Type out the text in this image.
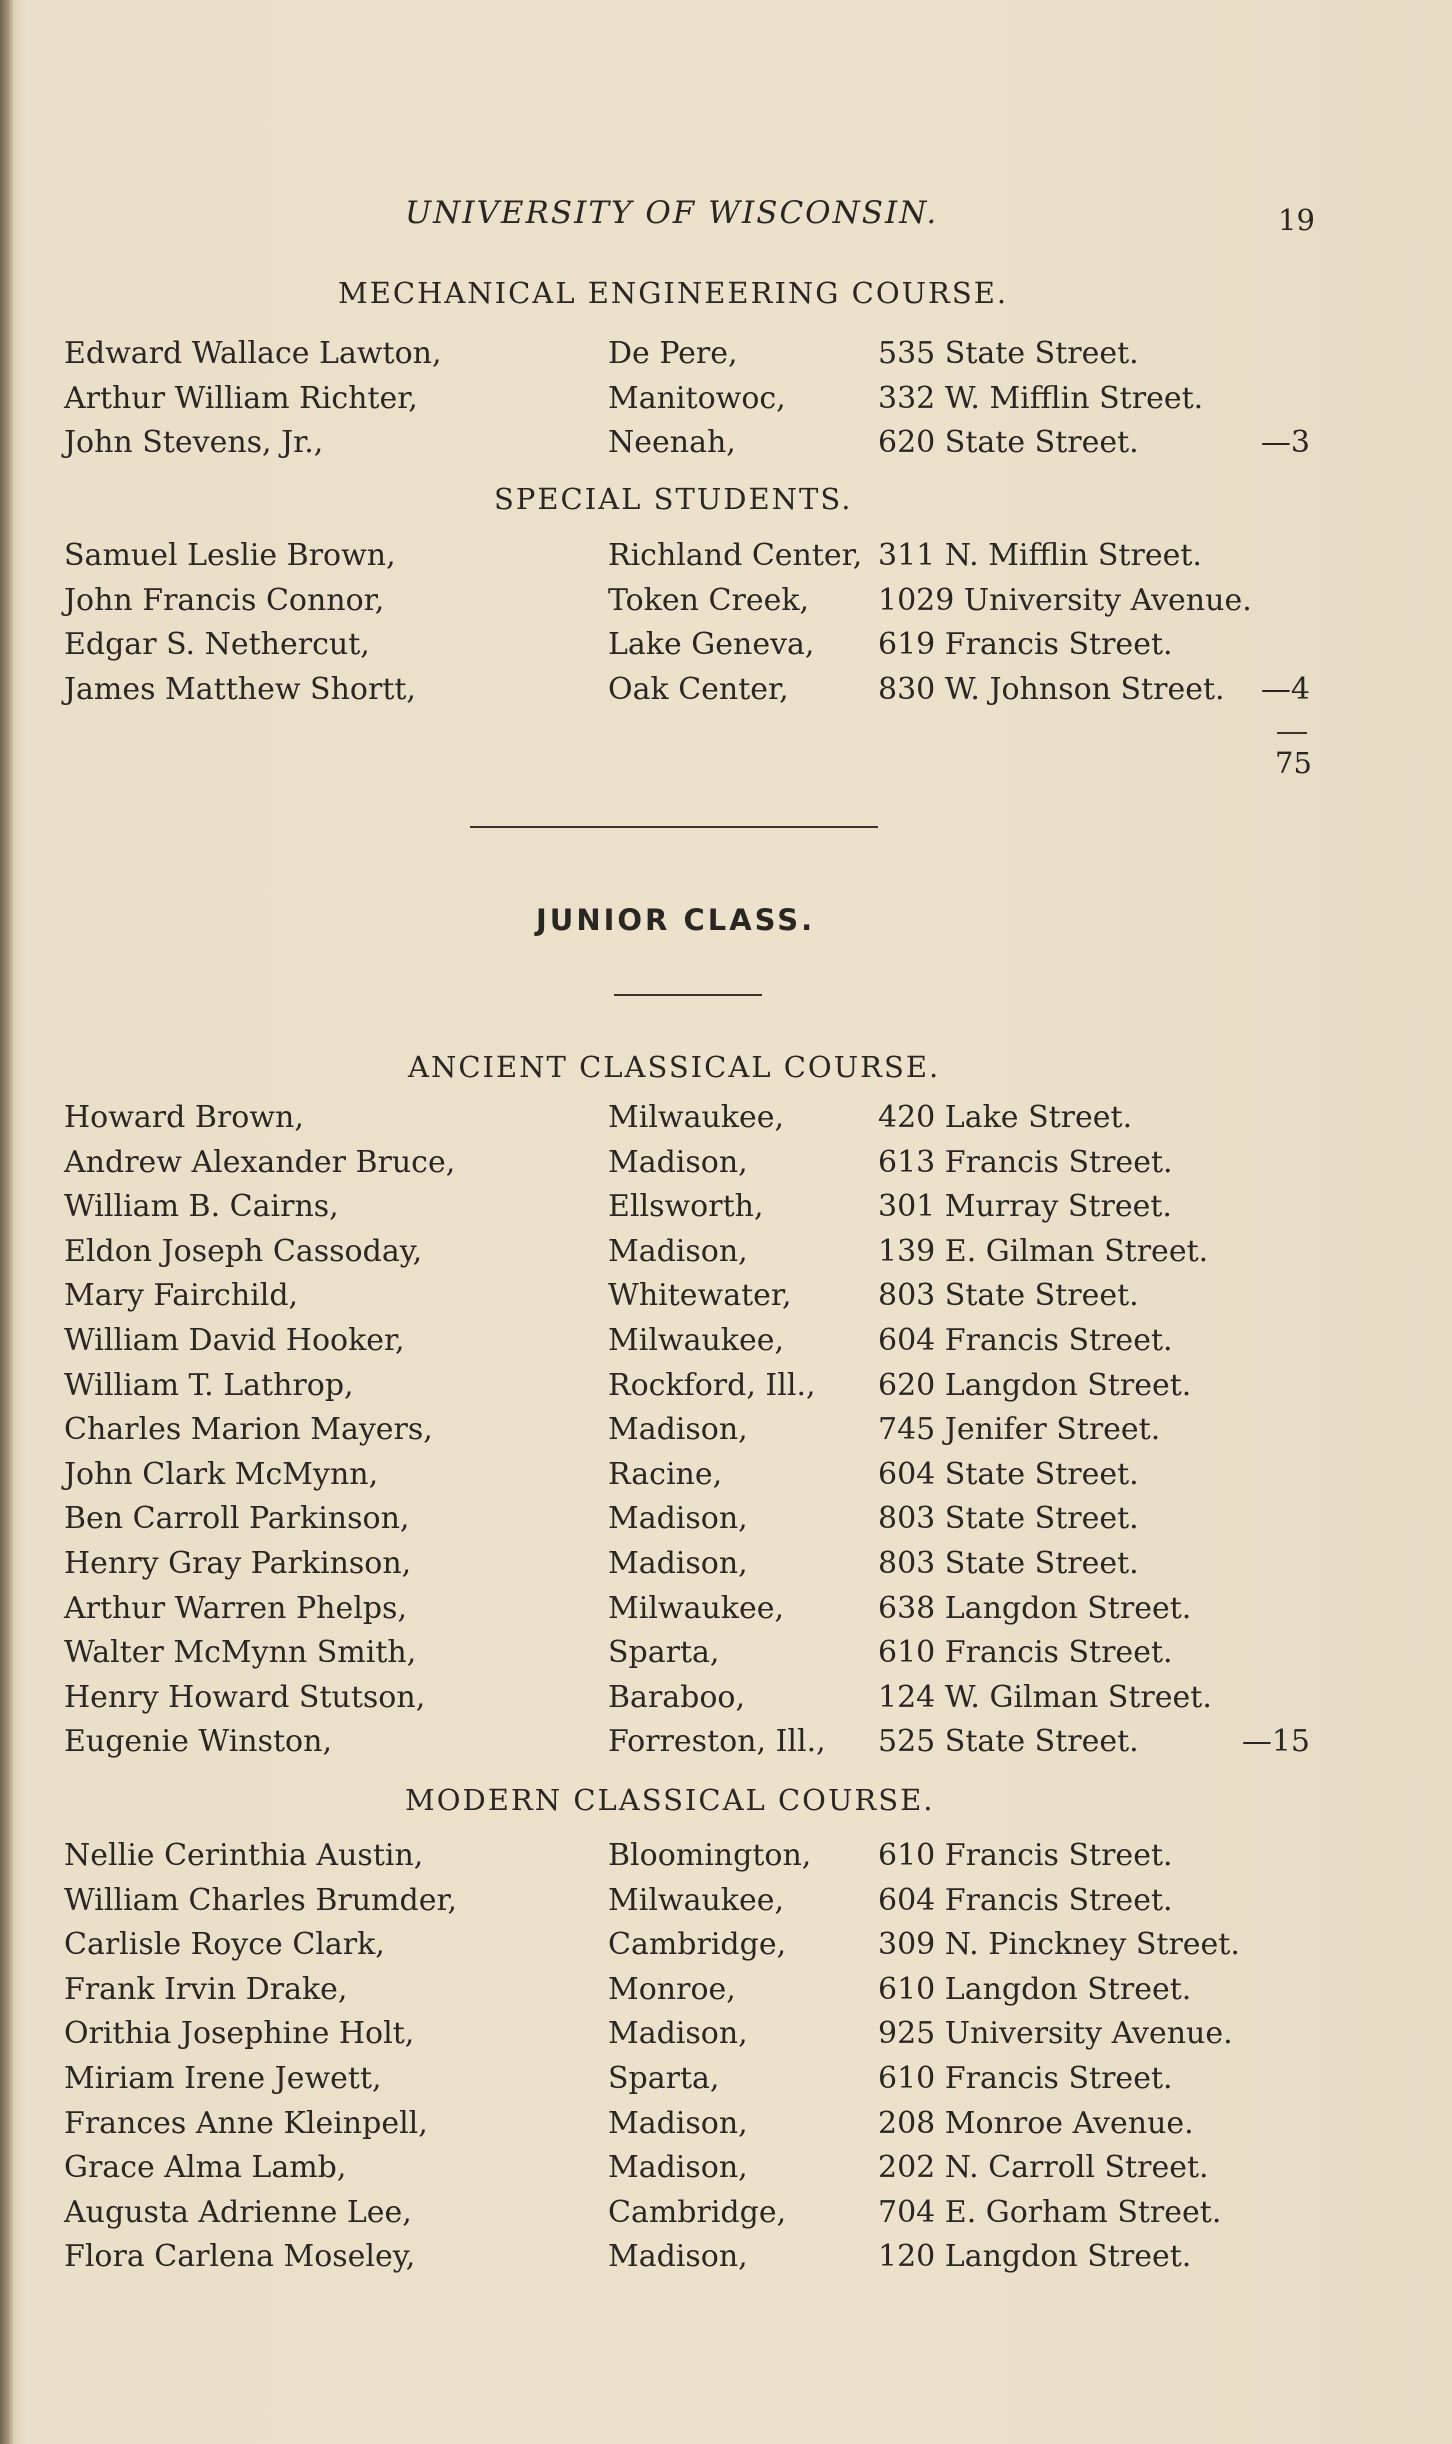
UNIVERSITY OF WISCONSIN.	19
MECHANICAL ENGINEERING COURSE.
Edward Wallace Lawton,	De Pere,	535 State Street.
Arthur William Richter,	Manitowoc,	332 W. Mifflin Street.
John Stevens, Jr.,	Neenah,	620 State Street.	—3
SPECIAL STUDENTS.
Samuel Leslie Brown,	Richland Center, 311 N. Mifflin Street.
John Francis Connor,	Token Creek, 1029 University Avenue.
Edgar S. Nethercut,	Lake Geneva, 619 Francis Street.
James Matthew Shortt,	Oak Center,	830 W. Johnson Street. —4
75
JUNIOR CLASS.
ANCIENT CLASSICAL COURSE.
Howard Brown,	Milwaukee,	420 Lake Street.
Andrew Alexander Bruce,	Madison,	613 Francis Street.
William B. Cairns,	Ellsworth,	301 Murray Street.
Eldon Joseph Cassoday,	Madison,	139 E. Gilman Street.
Mary Fairchild,	Whitewater,	803 State Street.
William David Hooker,	Milwaukee,	604 Francis Street.
William T. Lathrop,	Rockford, Ill., 620 Langdon Street.
Charles Marion Mayers,	Madison,	745 Jenifer Street.
John Clark McMynn,	Racine,	604 State Street.
Ben Carroll Parkinson,	Madison,	803 State Street.
Henry Gray Parkinson,	Madison,	803 State Street.
Arthur Warren Phelps,	Milwaukee,	638 Langdon Street.
Walter McMynn Smith,	Sparta,	610 Francis Street.
Henry Howard Stutson,	Baraboo,	124 W. Gilman Street.
Eugenie Winston,	Forreston, Ill., 525 State Street.	—15
MODERN CLASSICAL COURSE.
Nellie Cerinthia Austin,	Bloomington, 610 Francis Street.
William Charles Brumder,	Milwaukee,	604 Francis Street.
Carlisle Royce Clark,	Cambridge,	309 N. Pinckney Street.
Frank Irvin Drake,	Monroe,	610 Langdon Street.
Orithia Josephine Holt,	Madison,	925 University Avenue.
Miriam Irene Jewett,	Sparta,	610 Francis Street.
Frances Anne Kleinpell,	Madison,	208 Monroe Avenue.
Grace Alma Lamb,	Madison,	202 N. Carroll Street.
Augusta Adrienne Lee,	Cambridge,	704 E. Gorham Street.
Flora Carlena Moseley,	Madison,	120 Langdon Street.
